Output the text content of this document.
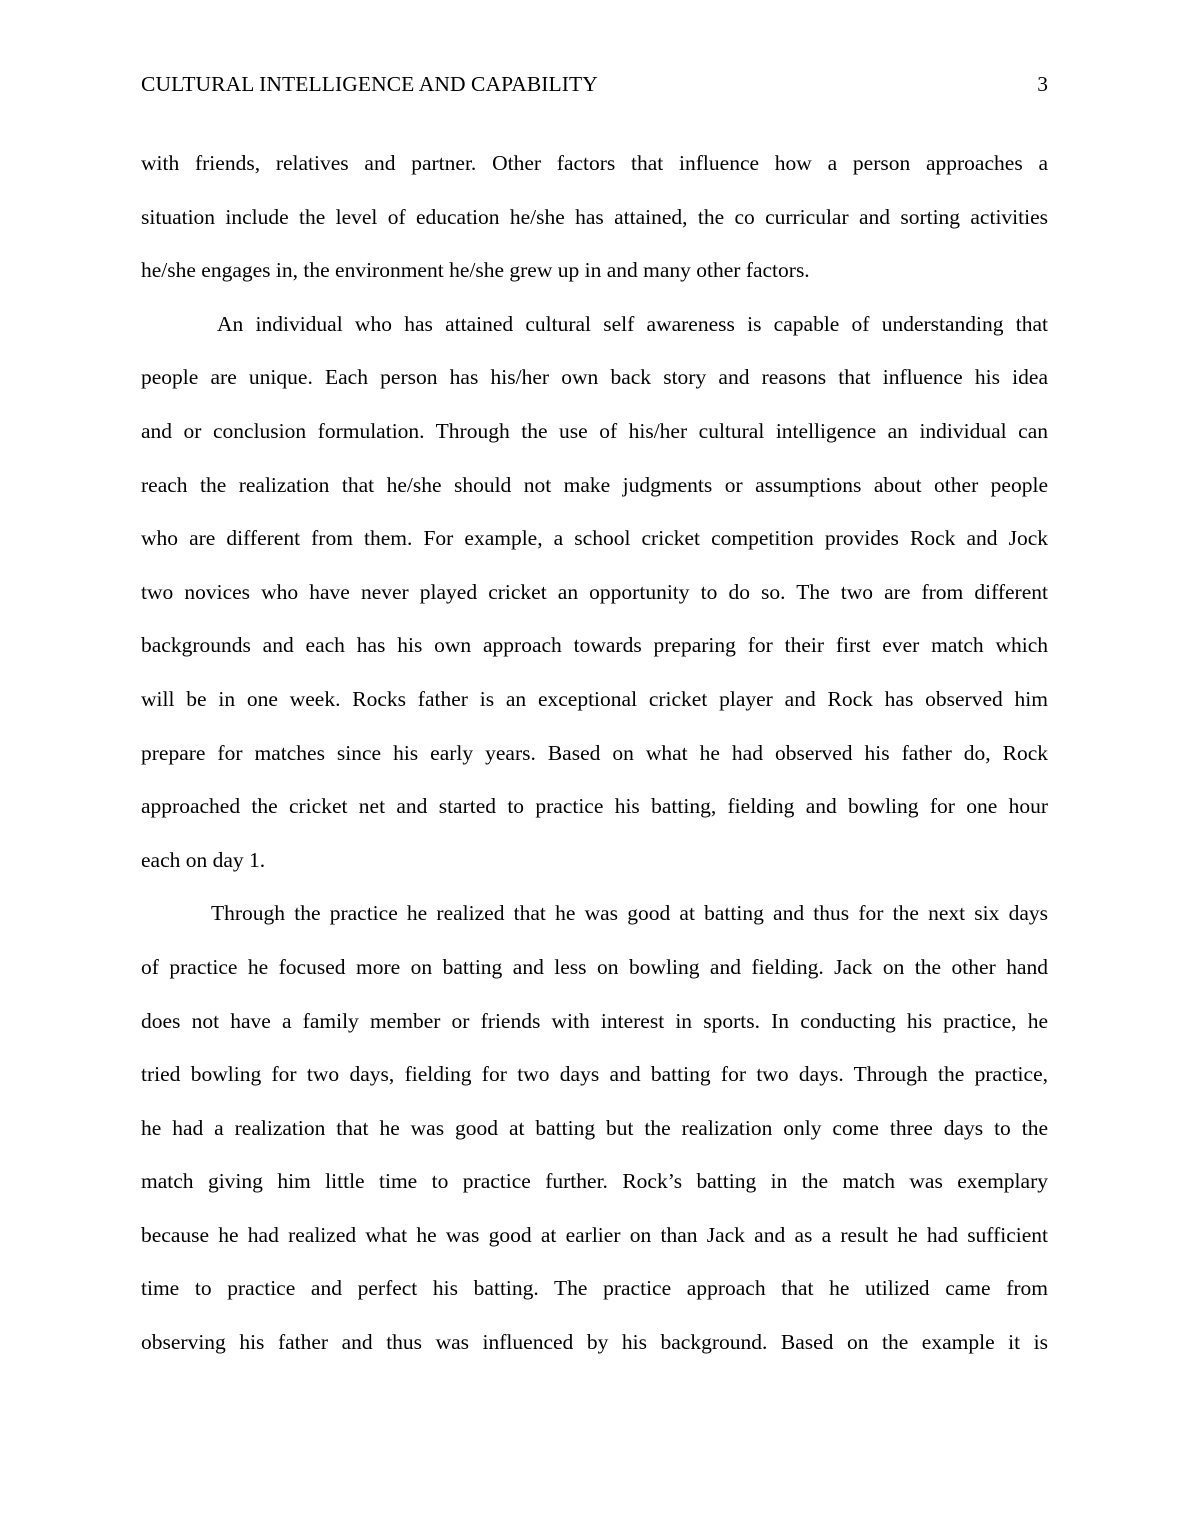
CULTURAL INTELLIGENCE AND CAPABILITY	3
with friends, relatives and partner. Other factors that influence how a person approaches a
situation include the level of education he/she has attained, the co curricular and sorting activities
he/she engages in, the environment he/she grew up in and many other factors.
An individual who has attained cultural self awareness is capable of understanding that
people are unique. Each person has his/her own back story and reasons that influence his idea
and or conclusion formulation. Through the use of his/her cultural intelligence an individual can
reach the realization that he/she should not make judgments or assumptions about other people
who are different from them. For example, a school cricket competition provides Rock and Jock
two novices who have never played cricket an opportunity to do so. The two are from different
backgrounds and each has his own approach towards preparing for their first ever match which
will be in one week. Rocks father is an exceptional cricket player and Rock has observed him
prepare for matches since his early years. Based on what he had observed his father do, Rock
approached the cricket net and started to practice his batting, fielding and bowling for one hour
each on day 1.
Through the practice he realized that he was good at batting and thus for the next six days
of practice he focused more on batting and less on bowling and fielding. Jack on the other hand
does not have a family member or friends with interest in sports. In conducting his practice, he
tried bowling for two days, fielding for two days and batting for two days. Through the practice,
he had a realization that he was good at batting but the realization only come three days to the
match giving him little time to practice further. Rock’s batting in the match was exemplary
because he had realized what he was good at earlier on than Jack and as a result he had sufficient
time to practice and perfect his batting. The practice approach that he utilized came from
observing his father and thus was influenced by his background. Based on the example it is
